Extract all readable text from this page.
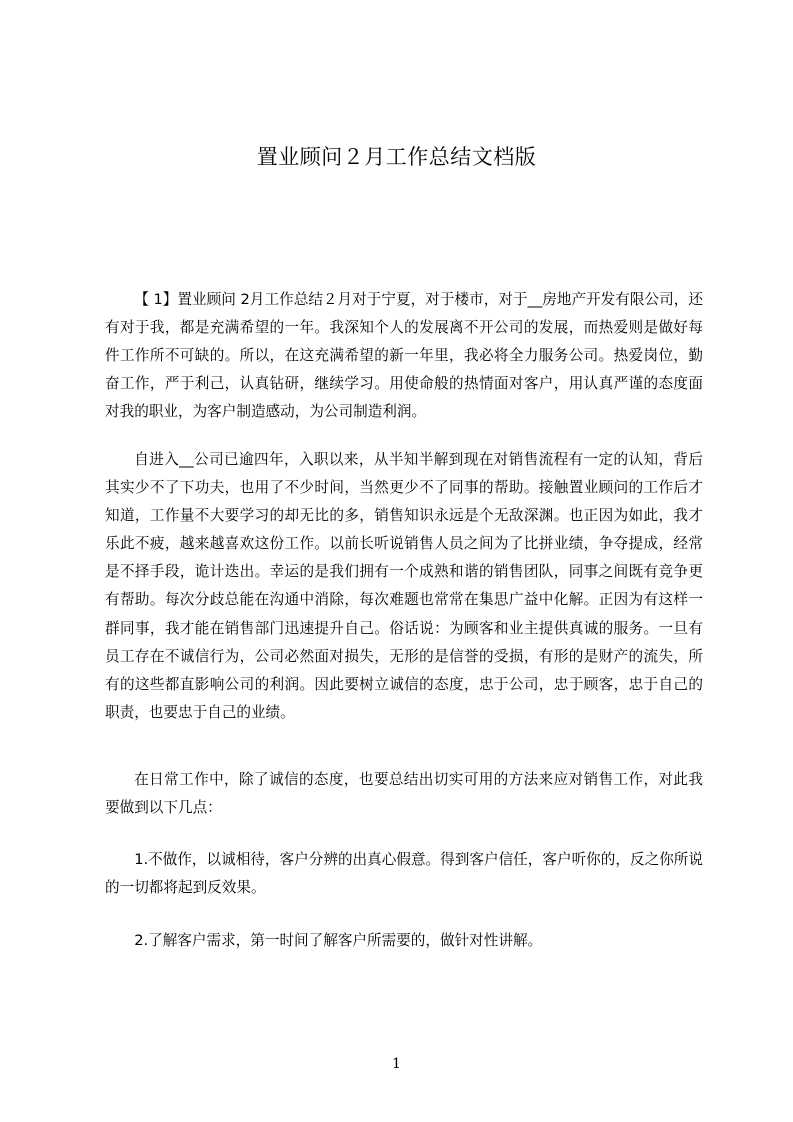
置业顾问２月工作总结文档版

【 1】置业顾问 2月工作总结２月对于宁夏，对于楼市，对于__房地产开发有限公司，还有对于我，都是充满希望的一年。我深知个人的发展离不开公司的发展，而热爱则是做好每件工作所不可缺的。所以，在这充满希望的新一年里，我必将全力服务公司。热爱岗位，勤奋工作，严于利己，认真钻研，继续学习。用使命般的热情面对客户，用认真严谨的态度面对我的职业，为客户制造感动，为公司制造利润。

自进入__公司已逾四年，入职以来，从半知半解到现在对销售流程有一定的认知，背后其实少不了下功夫，也用了不少时间，当然更少不了同事的帮助。接触置业顾问的工作后才知道，工作量不大要学习的却无比的多，销售知识永远是个无敌深渊。也正因为如此，我才乐此不疲，越来越喜欢这份工作。以前长听说销售人员之间为了比拼业绩，争夺提成，经常是不择手段，诡计迭出。幸运的是我们拥有一个成熟和谐的销售团队，同事之间既有竞争更有帮助。每次分歧总能在沟通中消除，每次难题也常常在集思广益中化解。正因为有这样一群同事，我才能在销售部门迅速提升自己。俗话说：为顾客和业主提供真诚的服务。一旦有员工存在不诚信行为，公司必然面对损失，无形的是信誉的受损，有形的是财产的流失，所有的这些都直影响公司的利润。因此要树立诚信的态度，忠于公司，忠于顾客，忠于自己的职责，也要忠于自己的业绩。

在日常工作中，除了诚信的态度，也要总结出切实可用的方法来应对销售工作，对此我要做到以下几点：

1.不做作，以诚相待，客户分辨的出真心假意。得到客户信任，客户听你的，反之你所说的一切都将起到反效果。

2.了解客户需求，第一时间了解客户所需要的，做针对性讲解。

1
